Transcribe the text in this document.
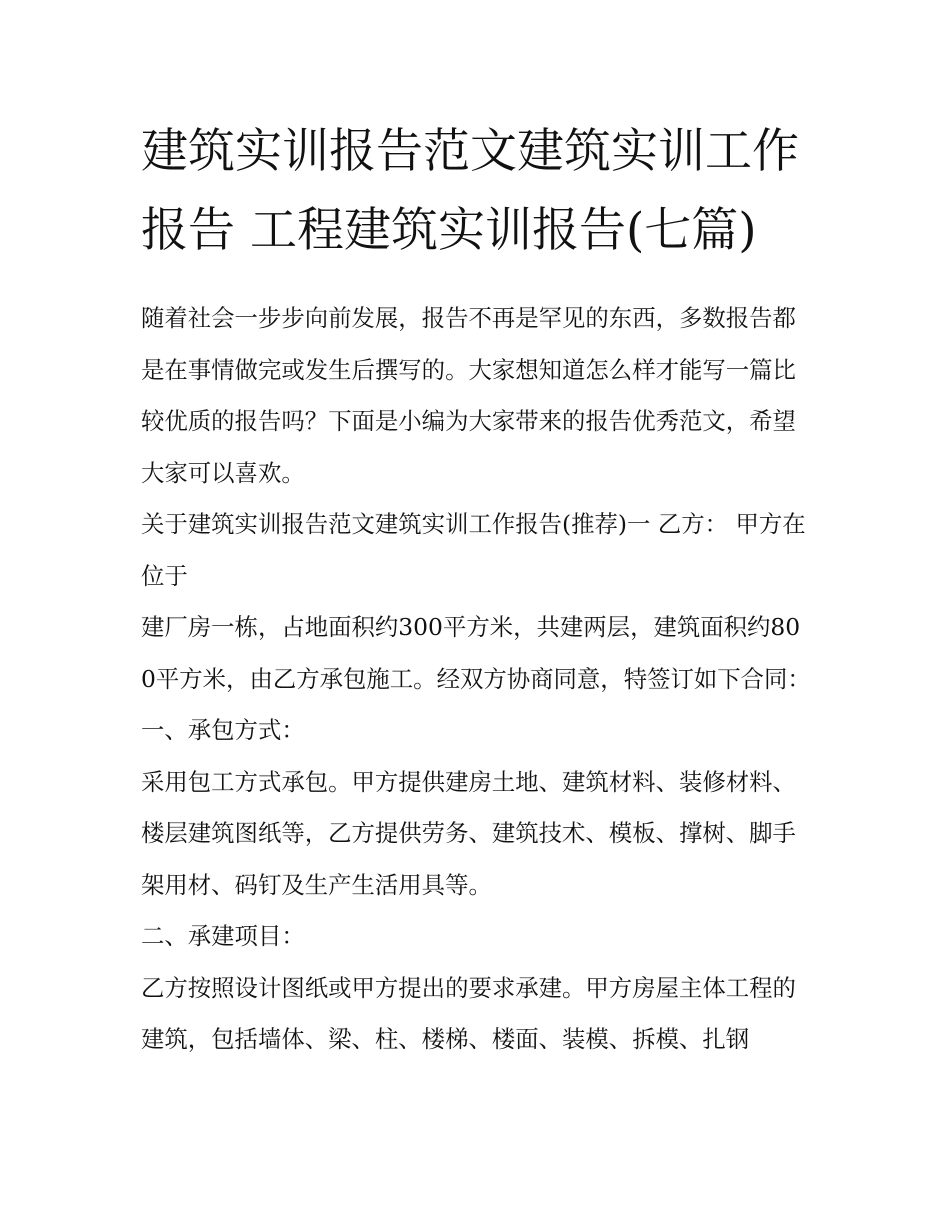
建筑实训报告范文建筑实训工作报告 工程建筑实训报告(七篇)

随着社会一步步向前发展，报告不再是罕见的东西，多数报告都是在事情做完或发生后撰写的。大家想知道怎么样才能写一篇比较优质的报告吗？下面是小编为大家带来的报告优秀范文，希望大家可以喜欢。

关于建筑实训报告范文建筑实训工作报告(推荐)一 乙方： 甲方在位于

建厂房一栋，占地面积约300平方米，共建两层，建筑面积约800平方米，由乙方承包施工。经双方协商同意，特签订如下合同： 一、承包方式：

采用包工方式承包。甲方提供建房土地、建筑材料、装修材料、楼层建筑图纸等，乙方提供劳务、建筑技术、模板、撑树、脚手架用材、码钉及生产生活用具等。

二、承建项目：

乙方按照设计图纸或甲方提出的要求承建。甲方房屋主体工程的建筑，包括墙体、梁、柱、楼梯、楼面、装模、拆模、扎钢
